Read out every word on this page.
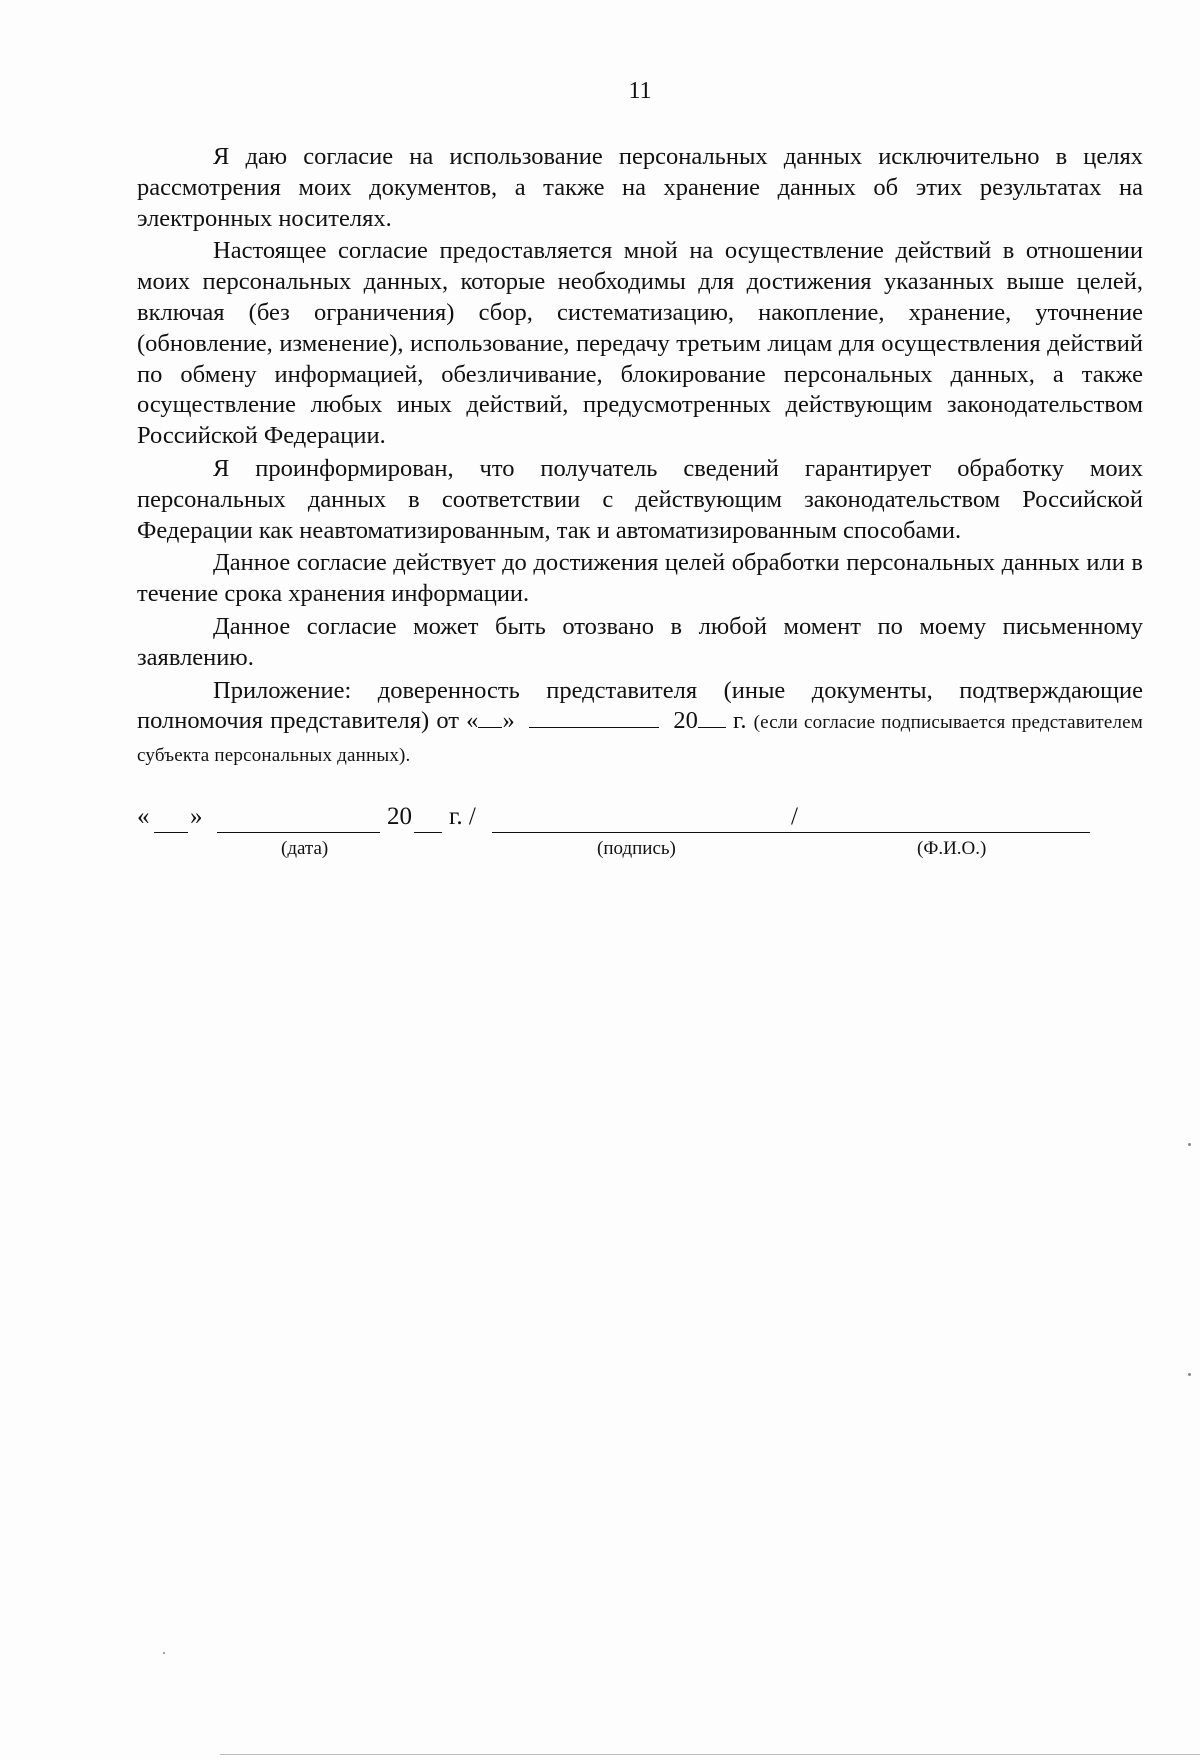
11

Я даю согласие на использование персональных данных исключительно в целях рассмотрения моих документов, а также на хранение данных об этих результатах на электронных носителях.

Настоящее согласие предоставляется мной на осуществление действий в отношении моих персональных данных, которые необходимы для достижения указанных выше целей, включая (без ограничения) сбор, систематизацию, накопление, хранение, уточнение (обновление, изменение), использование, передачу третьим лицам для осуществления действий по обмену информацией, обезличивание, блокирование персональных данных, а также осуществление любых иных действий, предусмотренных действующим законодательством Российской Федерации.

Я проинформирован, что получатель сведений гарантирует обработку моих персональных данных в соответствии с действующим законодательством Российской Федерации как неавтоматизированным, так и автоматизированным способами.

Данное согласие действует до достижения целей обработки персональных данных или в течение срока хранения информации.

Данное согласие может быть отозвано в любой момент по моему письменному заявлению.

Приложение: доверенность представителя (иные документы, подтверждающие полномочия представителя) от « »	20 г. (если согласие подписывается представителем субъекта персональных данных).

« »	20 г. /	/
(дата)	(подпись)	(Ф.И.О.)
